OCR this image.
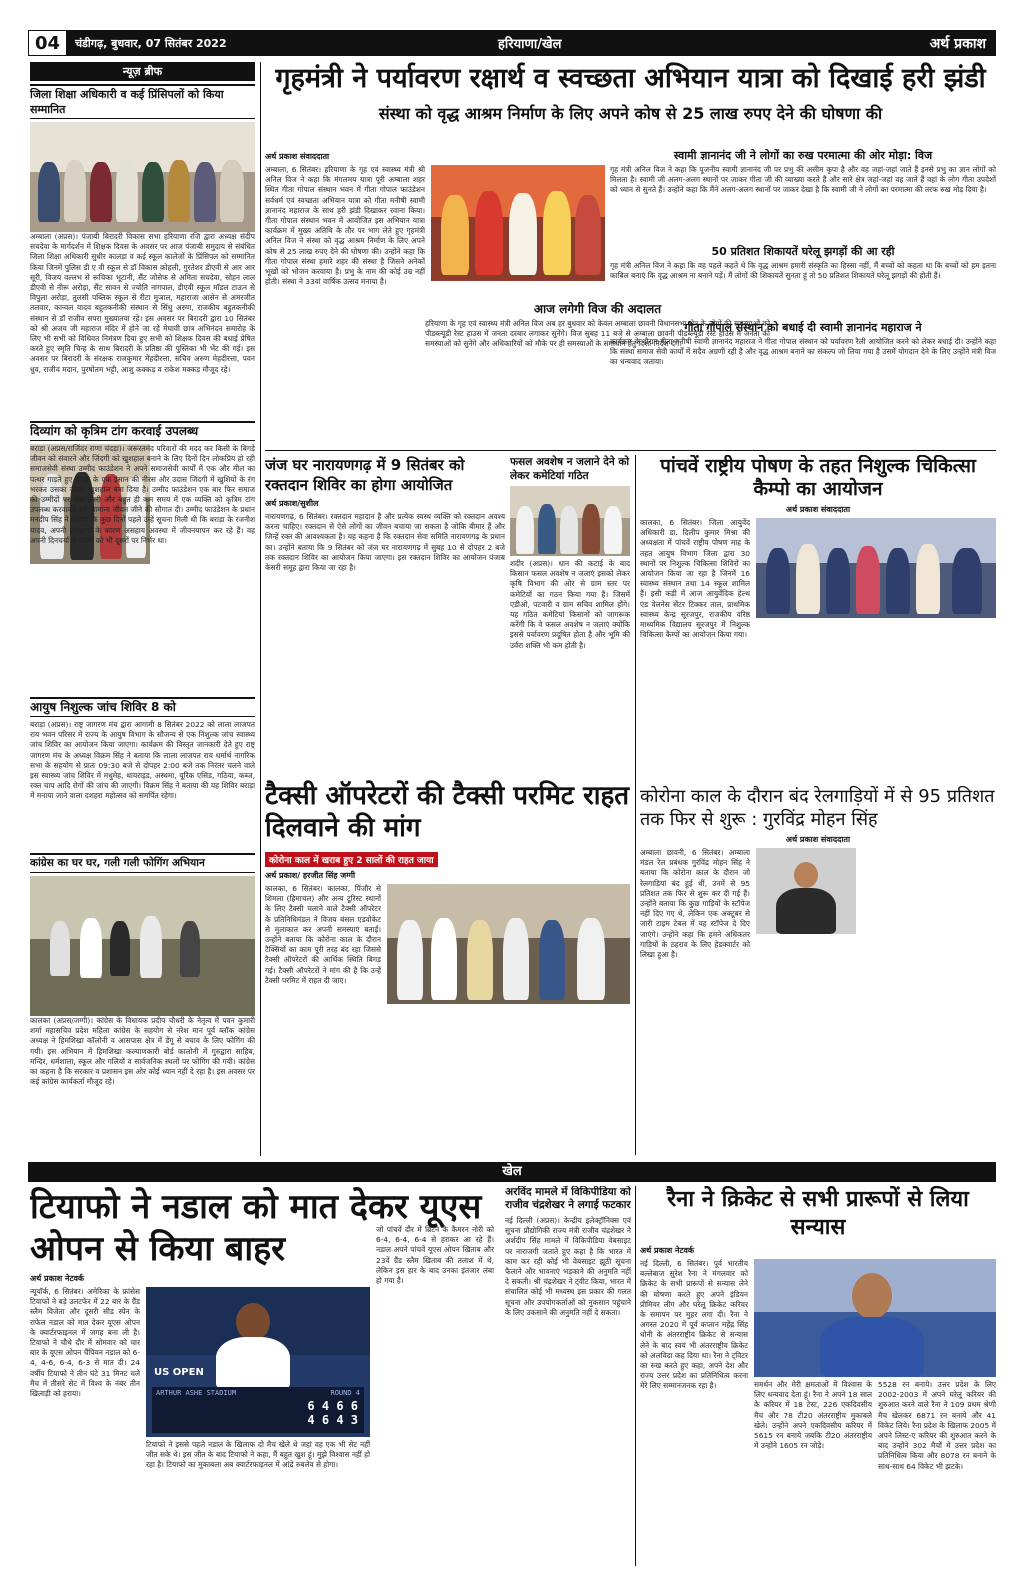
04	चंडीगढ़, बुधवार, 07 सितंबर 2022	हरियाणा/खेल	अर्थ प्रकाश
न्यूज़ ब्रीफ
जिला शिक्षा अधिकारी व कई प्रिंसिपलों को किया सम्मानित

अम्बाला (अप्रस)। पंजाबी बिरादरी विकास सभा हरियाणा रजि द्वारा अध्यक्ष संदीप सचदेवा के मार्गदर्शन में शिक्षक दिवस के अवसर पर आज पंजाबी समुदाय से संबंधित जिला शिक्षा अधिकारी सुधीर कालड़ा व कई स्कूल कालेजों के प्रिंसिपल को सम्मानित किया जिनमें पुलिस डी ए वी स्कूल से डॉ विकास कोहली, गुरतेशर डीएवी से आर आर सूरी, विजय वल्लभ से रूचिका भूटानी, सैंट जोसेफ से अमिता सचदेवा, सोहन लाल डीएवी से नीरू अरोड़ा, सैंट सावन से ज्योति नागपाल, डीएवी स्कूल मॉडल टाऊन से विपुला अरोड़ा, तुलसी पब्लिक स्कूल से रीटा मुञाल, महाराजा आसेन से अमरजीत तलवार, कान्वल यादव बहुतकनीकी संस्थान से सिंधु अरुण, राजकीय बहुतकनीकी संस्थान से डॉ राजीव सपरा मुख्यातया रहे। इस अवसर पर बिरादरी द्वारा 10 सितंबर को श्री अजय जी महाराज मंदिर में होने जा रहे मेघावी छात्र अभिनंदन समारोह के लिए भी सभी को विधिवत निमंत्रण दिया हुए सभी को शिक्षक दिवस की बधाई प्रेषित करते हुए स्मृति चिन्ह के साथ बिरादरी के प्रतिष्ठा की पुस्तिका भी भेंट की गई। इस अवसर पर बिरादरी के संरक्षक राजकुमार मेंहदीरत्ता, सचिव अरुण मेहदीरत्ता, पवन धुव, राजीव मदान, पुरषोतम भट्टी, आशु कक्कड़ व राकेश मक्कड़ मौजूद रहे।

दिव्यांग को कृत्रिम टांग करवाई उपलब्ध

बराड़ा (अप्रस/राजिंदर राणा चंदड़ा)। जरूरतमंद परिवारों की मदद कर किसी के बिगड़े जीवन को संवारने और जिंदगी को खुशहाल बनाने के लिए दिनों दिन लोकप्रिय हो रही समाजसेवी संस्था उम्मीद फाउंडेशन ने अपने समाजसेवी कार्यों में एक और मील का पत्थर गाड़ते हुए बराड़ा के एक इंसान की नीरस और उदास जिंदगी में खुशियों के रंग भरकर उसका जीवन खुशहाल बना दिया है। उम्मीद फाउंडेशन एक बार फिर समाज की उम्मीदों पर खरा उतरी और बहुत ही कम समय में एक व्यक्ति को कृत्रिम टांग उपलब्ध करवाकर उसे सामान्य जीवन जीने की सौगात दी। उम्मीद फाउंडेशन के प्रधान मनदीप सिंह ने बताया कि कुछ दिनों पहले उन्हें सूचना मिली थी कि बराड़ा के रजनीश यादव, अपनी टांगहानी के कारण असहाय अवस्था में जीवनयापन कर रहे हैं। वह अपनी दिनचर्या के कामों को भी दूसरों पर निर्भर था।

आयुष निशुल्क जांच शिविर 8 को

बराड़ा (अप्रस)। राष्ट्र जागरण मंच द्वारा आगामी 8 सितंबर 2022 को लाला लाजपत राय भवन परिसर में राज्य के आयुष विभाग के सौजन्य से एक निशुल्क जांच स्वास्थ्य जांच शिविर का आयोजन किया जाएगा। कार्यक्रम की विस्तृत जानकारी देते हुए राष्ट्र जागरण मंच के अध्यक्ष विक्रम सिंह ने बताया कि लाला लाजपत राय धर्मार्थ नागरिक सभा के सहयोग से प्रातः 09:30 बजे से दोपहर 2:00 बजे तक निरंतर चलने वाले इस स्वास्थ्य जांच शिविर में मधुमेह, थायराइड, अस्थमा, यूरिक एसिड, गठिया, कब्ज, रक्त चाप आदि रोगों की जांच की जाएगी। विक्रम सिंह ने बताया की यह शिविर बराड़ा में मनाया जाने वाला दशहरा महोत्सव को समर्पित रहेगा।

कांग्रेस का घर घर, गली गली फोगिंग अभियान

कालका (अप्रस/जग्गी)। कांग्रेस के विधायक प्रदीप चौधरी के नेतृत्व में पवन कुमारी शर्मा महासचिव प्रदेश महिला कांग्रेस के सहयोग से नरेश मान पूर्व ब्लॉक कांग्रेस अध्यक्ष ने हिमशिखा कॉलोनी व आसपास क्षेत्र में डेंगू से बचाव के लिए फोगिंग की गयी। इस अभियान में हिमशिखा कल्याणकारी बोर्ड कालोनी में गुरुद्वारा साहिब, मन्दिर, धर्मशाला, स्कूल और गलियों व सार्वजनिक स्थलों पर फोगिंग की गयी। कांग्रेस का कहना है कि सरकार व प्रशासन इस ओर कोई ध्यान नहीं दे रहा है। इस अवसर पर कई कांग्रेस कार्यकर्ता मौजूद रहे।

गृहमंत्री ने पर्यावरण रक्षार्थ व स्वच्छता अभियान यात्रा को दिखाई हरी झंडी
संस्था को वृद्ध आश्रम निर्माण के लिए अपने कोष से 25 लाख रुपए देने की घोषणा की
अर्थ प्रकाश संवाददाता

अम्बाला, 6 सितंबर। हरियाणा के गृह एवं स्वास्थ्य मंत्री श्री अनिल विज ने कहा कि मंगलमय यात्रा पूरी अम्बाला शहर स्थित गीता गोपाल संस्थान भवन में गीता गोपाल फाउंडेशन सर्वधर्म एवं स्वच्छता अभियान यात्रा को गीता मनीषी स्वामी ज्ञानानंद महाराज के साथ हरी झंडी दिखाकर रवाना किया। गीता गोपाल संस्थान भवन में आयोजित इस अभियान यात्रा कार्यक्रम में मुख्य अतिथि के तौर पर भाग लेते हुए गृहमंत्री अनिल विज ने संस्था को वृद्ध आश्रम निर्माण के लिए अपने कोष से 25 लाख रुपए देने की घोषणा की। उन्होंने कहा कि गीता गोपाल संस्था हमारे शहर की संस्था है जिसने अनेकों भूखों को भोजन करवाया है। प्रभु के नाम की कोई उम्र नहीं होती। संस्था ने 33वां वार्षिक उत्सव मनाया है।

स्वामी ज्ञानानंद जी ने लोगों का रुख परमात्मा की ओर मोड़ा: विज

गृह मंत्री अनिल विज ने कहा कि पूजनीय स्वामी ज्ञानानंद जी पर प्रभु की असीम कृपा है और वह जहां-जहां जाते हैं इनसे प्रभु का ज्ञान लोगों को मिलता है। स्वामी जी अलग-अलग स्थानों पर जाकर गीता जी की व्याख्या करते हैं और सारे क्षेत्र जहां-जहां वह जाते हैं वहां के लोग गीता उपदेशों को ध्यान से सुनते हैं। उन्होंने कहा कि मैंने अलग-अलग स्थानों पर जाकर देखा है कि स्वामी जी ने लोगों का परमात्मा की तरफ रुख मोड़ दिया है।

50 प्रतिशत शिकायतें घरेलू झगड़ों की आ रही

गृह मंत्री अनिल विज ने कहा कि वह पहले कहते थे कि वृद्ध आश्रम हमारी संस्कृति का हिस्सा नहीं, मैं बच्चों को कहता था कि बच्चों को हम इतना काबिल बनाएं कि वृद्ध आश्रम ना बनाने पड़ें। मैं लोगों की शिकायतें सुनता हूं तो 50 प्रतिशत शिकायतें घरेलू झगड़ों की होती हैं।

गीता गोपाल संस्थान को बधाई दी स्वामी ज्ञानानंद महाराज ने

कार्यक्रम के दौरान गीता मनीषी स्वामी ज्ञानानंद महाराज ने गीता गोपाल संस्थान को पर्यावरण रैली आयोजित करने को लेकर बधाई दी। उन्होंने कहा कि संस्था समाज सेवी कार्यों में सदैव अग्रणी रही है और वृद्ध आश्रम बनाने का संकल्प जो लिया गया है उसमें योगदान देने के लिए उन्होंने मंत्री विज का धन्यवाद जताया।

आज लगेगी विज की अदालत

हरियाणा के गृह एवं स्वास्थ्य मंत्री अनिल विज अब हर बुधवार को केवल अम्बाला छावनी विधानसभा क्षेत्र के लोगों की समस्याओं को पीडब्ल्यूडी रेस्ट हाउस में जनता दरबार लगाकर सुनेंगे। विज सुबह 11 बजे से अम्बाला छावनी पीडब्ल्यूडी रेस्ट हाउस में जनता की समस्याओं को सुनेंगे और अधिकारियों को मौके पर ही समस्याओं के समाधान हेतु दिशा-निर्देश देंगे।

जंज घर नारायणगढ़ में 9 सितंबर को रक्तदान शिविर का होगा आयोजित
अर्थ प्रकाश/सुशील

नारायणगढ़, 6 सितंबर। रक्तदान महादान है और प्रत्येक स्वस्थ व्यक्ति को रक्तदान अवश्य करना चाहिए। रक्तदान से ऐसे लोगों का जीवन बचाया जा सकता है जोकि बीमार हैं और जिन्हें रक्त की आवश्यकता है। यह कहना है कि रक्तदान सेवा समिति नारायणगढ़ के प्रधान का। उन्होंने बताया कि 9 सितंबर को जंज घर नारायणगढ़ में सुबह 10 से दोपहर 2 बजे तक रक्तदान शिविर का आयोजन किया जाएगा। इस रक्तदान शिविर का आयोजन पंजाब केसरी समूह द्वारा किया जा रहा है।

फसल अवशेष न जलाने देने को लेकर कमेटियां गठित

शदीर (अप्रस)। धान की कटाई के बाद किसान फसल अवशेष न जलाएं इसको लेकर कृषि विभाग की ओर से ग्राम स्तर पर कमेटियों का गठन किया गया है। जिसमें एडीओ, पटवारी व ग्राम सचिव शामिल होंगे। यह गठित कमेटियां किसानों को जागरूक करेंगी कि वे फसल अवशेष न जलाएं क्योंकि इससे पर्यावरण प्रदूषित होता है और भूमि की उर्वरा शक्ति भी कम होती है।

पांचवें राष्ट्रीय पोषण के तहत निशुल्क चिकित्सा कैम्पो का आयोजन
अर्थ प्रकाश संवाददाता

कालका, 6 सितंबर। जिला आयुर्वेद अधिकारी डा. दिलीप कुमार मिश्रा की अध्यक्षता में पांचवें राष्ट्रीय पोषण माह के तहत आयुष विभाग जिला द्वारा 30 स्थानों पर निशुल्क चिकित्सा शिविरों का आयोजन किया जा रहा है जिनमें 16 स्वास्थ्य संस्थान तथा 14 स्कूल शामिल हैं। इसी कड़ी में आज आयुर्वेदिक हेल्थ एंड वेलनेस सेंटर टिक्कर ताल, प्राथमिक स्वास्थ्य केन्द्र सूरजपुर, राजकीय वरिष्ठ माध्यमिक विद्यालय सूरजपुर में निशुल्क चिकित्सा कैम्पों का आयोजन किया गया।

टैक्सी ऑपरेटरों की टैक्सी परमिट राहत दिलवाने की मांग
कोरोना काल में खराब हुए 2 सालों की राहत जाया
अर्थ प्रकाश/ हरजीत सिंह जग्गी

कालका, 6 सितंबर। कालका, पिंजौर से शिमला (हिमाचल) और अन्य टूरिस्ट स्थानों के लिए टैक्सी चलाने वाले टैक्सी ऑपरेटर के प्रतिनिधिमंडल ने विजय बंसल एडवोकेट से मुलाकात कर अपनी समस्याएं बताईं। उन्होंने बताया कि कोरोना काल के दौरान टैक्सियों का काम पूरी तरह बंद रहा जिससे टैक्सी ऑपरेटरों की आर्थिक स्थिति बिगड़ गई। टैक्सी ऑपरेटरों ने मांग की है कि उन्हें टैक्सी परमिट में राहत दी जाए।

कोरोना काल के दौरान बंद रेलगाड़ियों में से 95 प्रतिशत तक फिर से शुरू : गुरविंद्र मोहन सिंह
अर्थ प्रकाश संवाददाता

अम्बाला छावनी, 6 सितंबर। अम्बाला मंडल रेल प्रबंधक गुरविंद्र मोहन सिंह ने बताया कि कोरोना काल के दौरान जो रेलगाड़ियां बंद हुई थीं, उनमें से 95 प्रतिशत तक फिर से शुरू कर दी गई हैं। उन्होंने बताया कि कुछ गाड़ियों के स्टॉपेज नहीं दिए गए थे, लेकिन एक अक्टूबर से जारी टाइम टेबल में यह स्टॉपेज दे दिए जाएंगे। उन्होंने कहा कि हमने अधिकतर गाड़ियों के ठहराव के लिए हेडक्वार्टर को लिखा हुआ है।

खेल
टियाफो ने नडाल को मात देकर यूएस ओपन से किया बाहर
अर्थ प्रकाश नेटवर्क

न्यूयॉर्क, 6 सितंबर। अमेरिका के फ्रांसेस टियाफो ने बड़े उलटफेर में 22 बार के ग्रैंड स्लैम विजेता और दूसरी सीड स्पेन के राफेल नडाल को मात देकर यूएस ओपन के क्वार्टरफाइनल में जगह बना ली है। टियाफो ने चौथे दौर में सोमवार को चार बार के यूएस ओपन चैंपियन नडाल को 6-4, 4-6, 6-4, 6-3 से मात दी। 24 वर्षीय टियाफो ने तीन घंटे 31 मिनट चले मैच में तीसरे सेट में विश्व के नंबर तीन खिलाड़ी को हराया।	ARTHUR ASHE STADIUM	ROUND 4
6 4 6 6
4 6 4 3
US OPEN

टियाफो ने इससे पहले नडाल के खिलाफ दो मैच खेले थे जहां वह एक भी सेट नहीं जीत सके थे। इस जीत के बाद टियाफो ने कहा, मैं बहुत खुश हूं। मुझे विश्वास नहीं हो रहा है। टियाफो का मुकाबला अब क्वार्टरफाइनल में आंद्रे रुबलेव से होगा।

जो पांचवें दौर में ब्रिटेन के कैमरन नोरी को 6-4, 6-4, 6-4 से हराकर आ रहे हैं। नडाल अपने पांचवें यूएस ओपन खिताब और 23वें ग्रैंड स्लैम खिताब की तलाश में थे, लेकिन इस हार के बाद उनका इंतजार लंबा हो गया है।

अरविंद मामले में विकिपीडिया को राजीव चंद्रशेखर ने लगाई फटकार

नई दिल्ली (अप्रस)। केन्द्रीय इलेक्ट्रॉनिक्स एवं सूचना प्रौद्योगिकी राज्य मंत्री राजीव चंद्रशेखर ने अर्शदीप सिंह मामले में विकिपीडिया वेबसाइट पर नाराजगी जताते हुए कहा है कि भारत में काम कर रही कोई भी वेबसाइट झूठी सूचना फैलाने और भावनाएं भड़काने की अनुमति नहीं दे सकती। श्री चंद्रशेखर ने ट्वीट किया, भारत में संचालित कोई भी मध्यस्थ इस प्रकार की गलत सूचना और उपयोगकर्ताओं को नुकसान पहुंचाने के लिए उकसाने की अनुमति नहीं दे सकता।

रैना ने क्रिकेट से सभी प्रारूपों से लिया सन्यास
अर्थ प्रकाश नेटवर्क

नई दिल्ली, 6 सितंबर। पूर्व भारतीय बल्लेबाज सुरेश रैना ने मंगलवार को क्रिकेट के सभी प्रारूपों से सन्यास लेने की घोषणा करते हुए अपने इंडियन प्रीमियर लीग और घरेलू क्रिकेट करियर के समापन पर मुहर लगा दी। रैना ने अगस्त 2020 में पूर्व कप्तान महेंद्र सिंह धोनी के अंतरराष्ट्रीय क्रिकेट से सन्यास लेने के बाद स्वयं भी अंतरराष्ट्रीय क्रिकेट को अलविदा कह दिया था। रैना ने ट्विटर का रुख करते हुए कहा, अपने देश और राज्य उत्तर प्रदेश का प्रतिनिधित्व करना मेरे लिए सम्मानजनक रहा है।	समर्थन और मेरी क्षमताओं में विश्वास के लिए धन्यवाद देता हूं। रैना ने अपने 18 साल के करियर में 18 टेस्ट, 226 एकदिवसीय मैच और 78 टी20 अंतरराष्ट्रीय मुकाबले खेले। उन्होंने अपने एकदिवसीय करियर में 5615 रन बनाये जबकि टी20 अंतरराष्ट्रीय में उन्होंने 1605 रन जोड़े।

5528 रन बनाये। उत्तर प्रदेश के लिए 2002-2003 में अपने घरेलू करियर की शुरुआत करने वाले रैना ने 109 प्रथम श्रेणी मैच खेलकर 6871 रन बनाये और 41 विकेट लिये। रैना प्रदेश के खिलाफ 2005 में अपने लिस्ट-ए करियर की शुरुआत करने के बाद उन्होंने 302 मैचों में उत्तर प्रदेश का प्रतिनिधित्व किया और 8078 रन बनाने के साथ-साथ 64 विकेट भी झटके।
